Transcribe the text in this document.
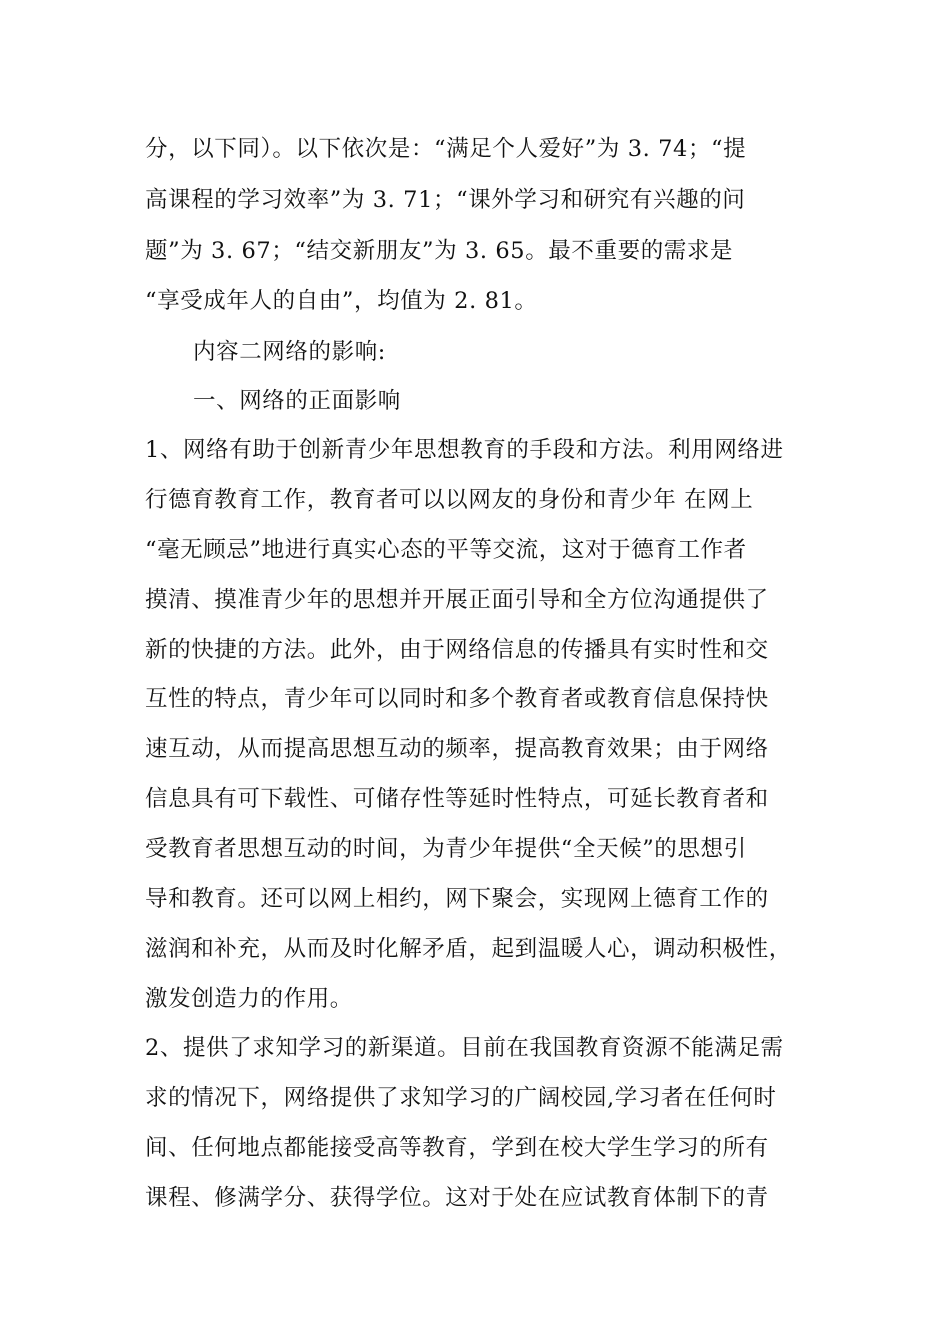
分，以下同）。以下依次是：“满足个人爱好”为 3. 74；“提
高课程的学习效率”为 3. 71；“课外学习和研究有兴趣的问
题”为 3. 67；“结交新朋友”为 3. 65。最不重要的需求是
“享受成年人的自由”，均值为 2. 81。
内容二网络的影响:
一、网络的正面影响
1、网络有助于创新青少年思想教育的手段和方法。利用网络进
行德育教育工作，教育者可以以网友的身份和青少年 在网上
“毫无顾忌”地进行真实心态的平等交流，这对于德育工作者
摸清、摸准青少年的思想并开展正面引导和全方位沟通提供了
新的快捷的方法。此外，由于网络信息的传播具有实时性和交
互性的特点，青少年可以同时和多个教育者或教育信息保持快
速互动，从而提高思想互动的频率，提高教育效果；由于网络
信息具有可下载性、可储存性等延时性特点，可延长教育者和
受教育者思想互动的时间，为青少年提供“全天候”的思想引
导和教育。还可以网上相约，网下聚会，实现网上德育工作的
滋润和补充，从而及时化解矛盾，起到温暖人心，调动积极性，
激发创造力的作用。
2、提供了求知学习的新渠道。目前在我国教育资源不能满足需
求的情况下，网络提供了求知学习的广阔校园,学习者在任何时
间、任何地点都能接受高等教育，学到在校大学生学习的所有
课程、修满学分、获得学位。这对于处在应试教育体制下的青
